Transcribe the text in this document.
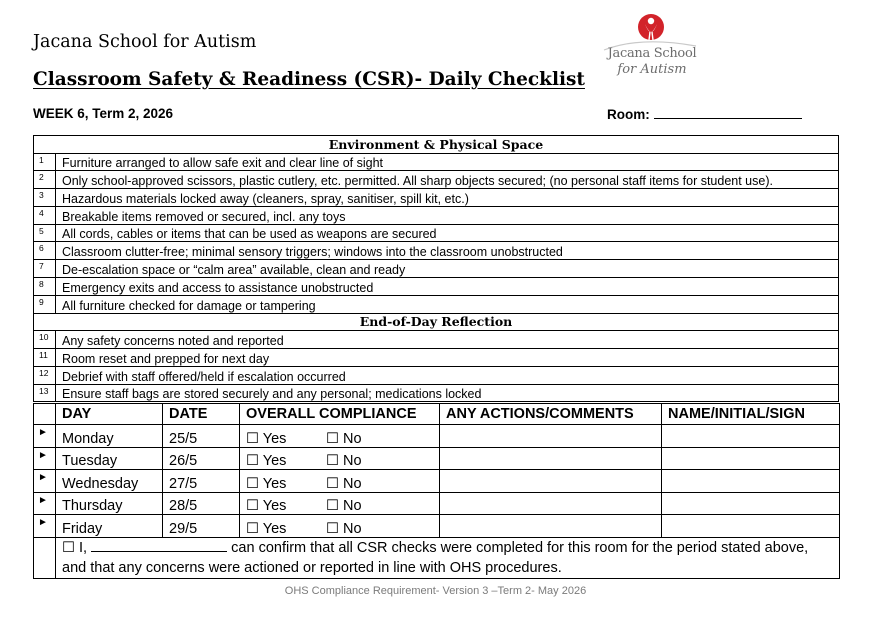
Jacana School for Autism
Classroom Safety & Readiness (CSR)- Daily Checklist
WEEK 6, Term 2, 2026	Room:
Jacana School
for Autism
Environment & Physical Space	
1	Furniture arranged to allow safe exit and clear line of sight
2	Only school-approved scissors, plastic cutlery, etc. permitted. All sharp objects secured; (no personal staff items for student use).
3	Hazardous materials locked away (cleaners, spray, sanitiser, spill kit, etc.)
4	Breakable items removed or secured, incl. any toys
5	All cords, cables or items that can be used as weapons are secured
6	Classroom clutter-free; minimal sensory triggers; windows into the classroom unobstructed
7	De-escalation space or “calm area” available, clean and ready
8	Emergency exits and access to assistance unobstructed
9	All furniture checked for damage or tampering
End-of-Day Reflection	
10	Any safety concerns noted and reported
11	Room reset and prepped for next day
12	Debrief with staff offered/held if escalation occurred
13	Ensure staff bags are stored securely and any personal; medications locked
	DAY	DATE	OVERALL COMPLIANCE	ANY ACTIONS/COMMENTS	NAME/INITIAL/SIGN
►	Monday	25/5	☐ Yes ☐ No		

►	Tuesday	26/5	☐ Yes ☐ No		

►	Wednesday	27/5	☐ Yes ☐ No		

►	Thursday	28/5	☐ Yes ☐ No		

►	Friday	29/5	☐ Yes ☐ No		

	☐ I, can confirm that all CSR checks were completed for this room for the period stated above, and that any concerns were actioned or reported in line with OHS procedures.				
OHS Compliance Requirement- Version 3 –Term 2- May 2026
